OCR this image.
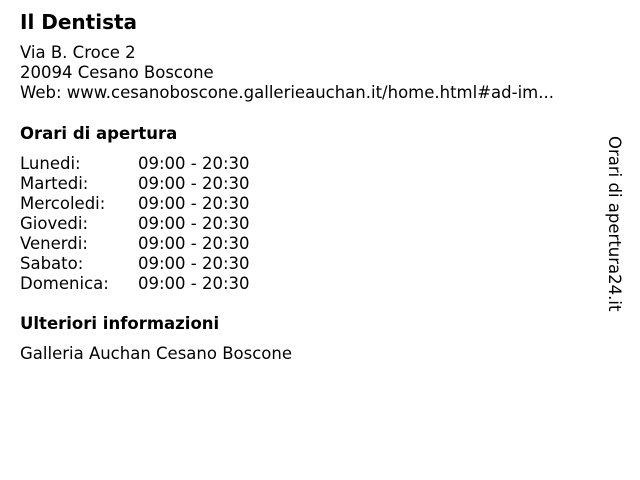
Il Dentista
Via B. Croce 2
20094 Cesano Boscone
Web: www.cesanoboscone.gallerieauchan.it/home.html#ad-im...
Orari di apertura
Lunedi:	09:00 - 20:30
Martedi:	09:00 - 20:30
Mercoledi: 09:00 - 20:30
Giovedi:	09:00 - 20:30
Venerdi:	09:00 - 20:30
Sabato:	09:00 - 20:30
Domenica: 09:00 - 20:30
Ulteriori informazioni
Galleria Auchan Cesano Boscone
Orari di apertura24.it
